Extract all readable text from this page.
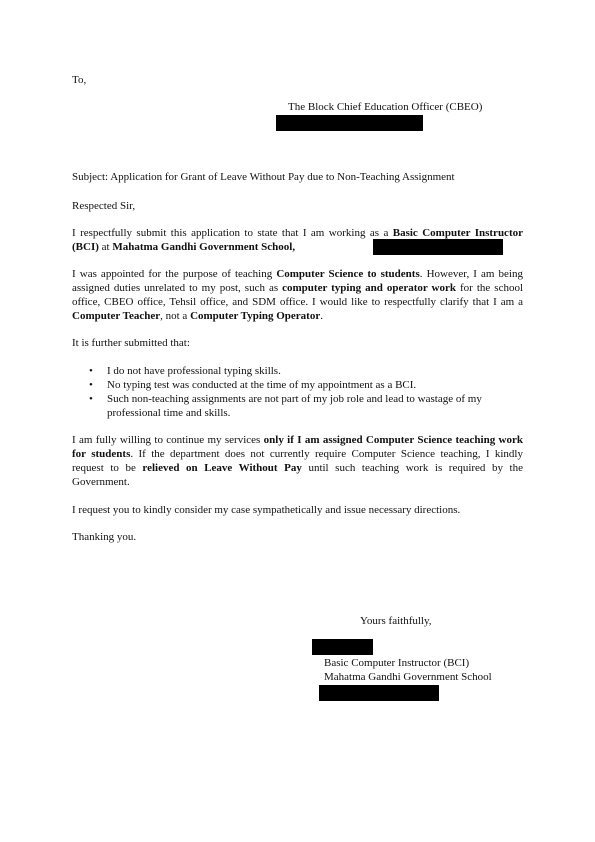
To,

The Block Chief Education Officer (CBEO)

Subject: Application for Grant of Leave Without Pay due to Non-Teaching Assignment

Respected Sir,

I respectfully submit this application to state that I am working as a Basic Computer Instructor (BCI) at Mahatma Gandhi Government School,

I was appointed for the purpose of teaching Computer Science to students. However, I am being assigned duties unrelated to my post, such as computer typing and operator work for the school office, CBEO office, Tehsil office, and SDM office. I would like to respectfully clarify that I am a Computer Teacher, not a Computer Typing Operator.

It is further submitted that:

• I do not have professional typing skills.
• No typing test was conducted at the time of my appointment as a BCI.
• Such non-teaching assignments are not part of my job role and lead to wastage of my professional time and skills.

I am fully willing to continue my services only if I am assigned Computer Science teaching work for students. If the department does not currently require Computer Science teaching, I kindly request to be relieved on Leave Without Pay until such teaching work is required by the Government.

I request you to kindly consider my case sympathetically and issue necessary directions.

Thanking you.

Yours faithfully,

Basic Computer Instructor (BCI)

Mahatma Gandhi Government School
